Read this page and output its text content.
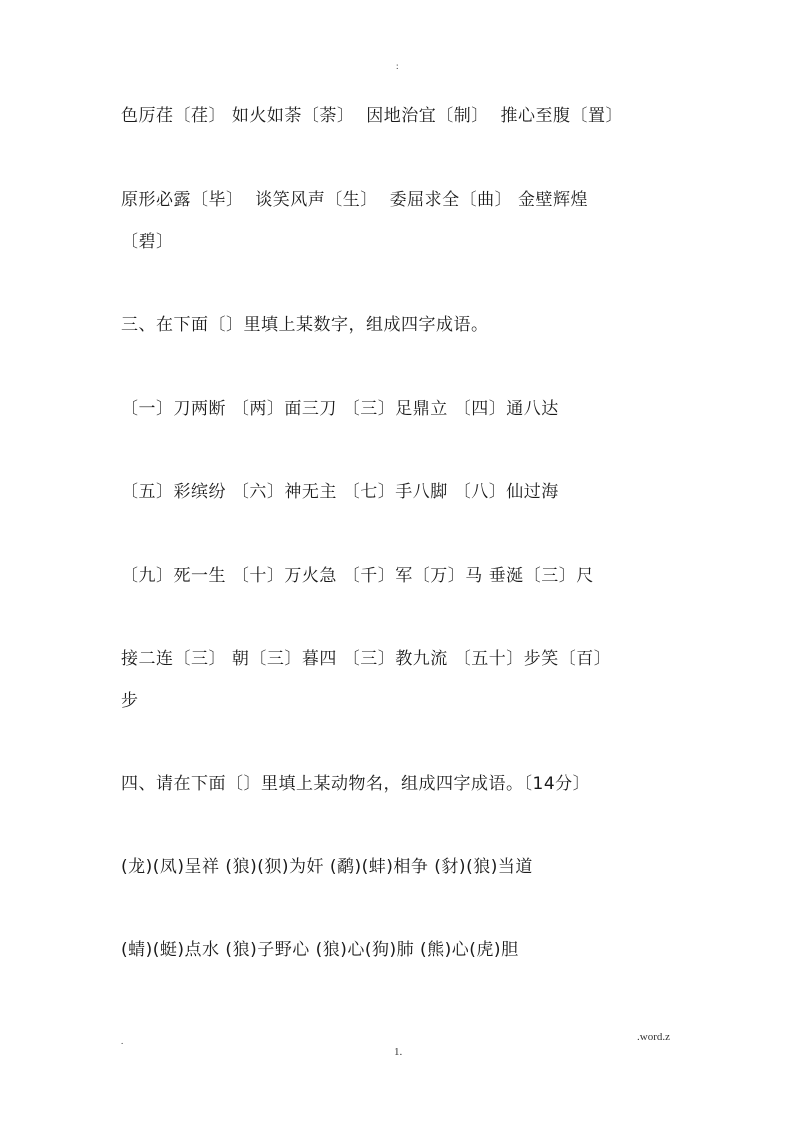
:
色厉荏〔荏〕 如火如荼〔荼〕  因地治宜〔制〕  推心至腹〔置〕
原形必露〔毕〕  谈笑风声〔生〕  委屈求全〔曲〕 金壁辉煌
〔碧〕
三、在下面〔〕里填上某数字，组成四字成语。
〔一〕刀两断 〔两〕面三刀 〔三〕足鼎立 〔四〕通八达
〔五〕彩缤纷 〔六〕神无主 〔七〕手八脚 〔八〕仙过海
〔九〕死一生 〔十〕万火急 〔千〕军〔万〕马 垂涎〔三〕尺
接二连〔三〕 朝〔三〕暮四 〔三〕教九流 〔五十〕步笑〔百〕
步
四、请在下面〔〕里填上某动物名，组成四字成语。〔14分〕
(龙)(凤)呈祥 (狼)(狈)为奸 (鹬)(蚌)相争 (豺)(狼)当道
(蜻)(蜓)点水 (狼)子野心 (狼)心(狗)肺 (熊)心(虎)胆
.	.word.z
1.
